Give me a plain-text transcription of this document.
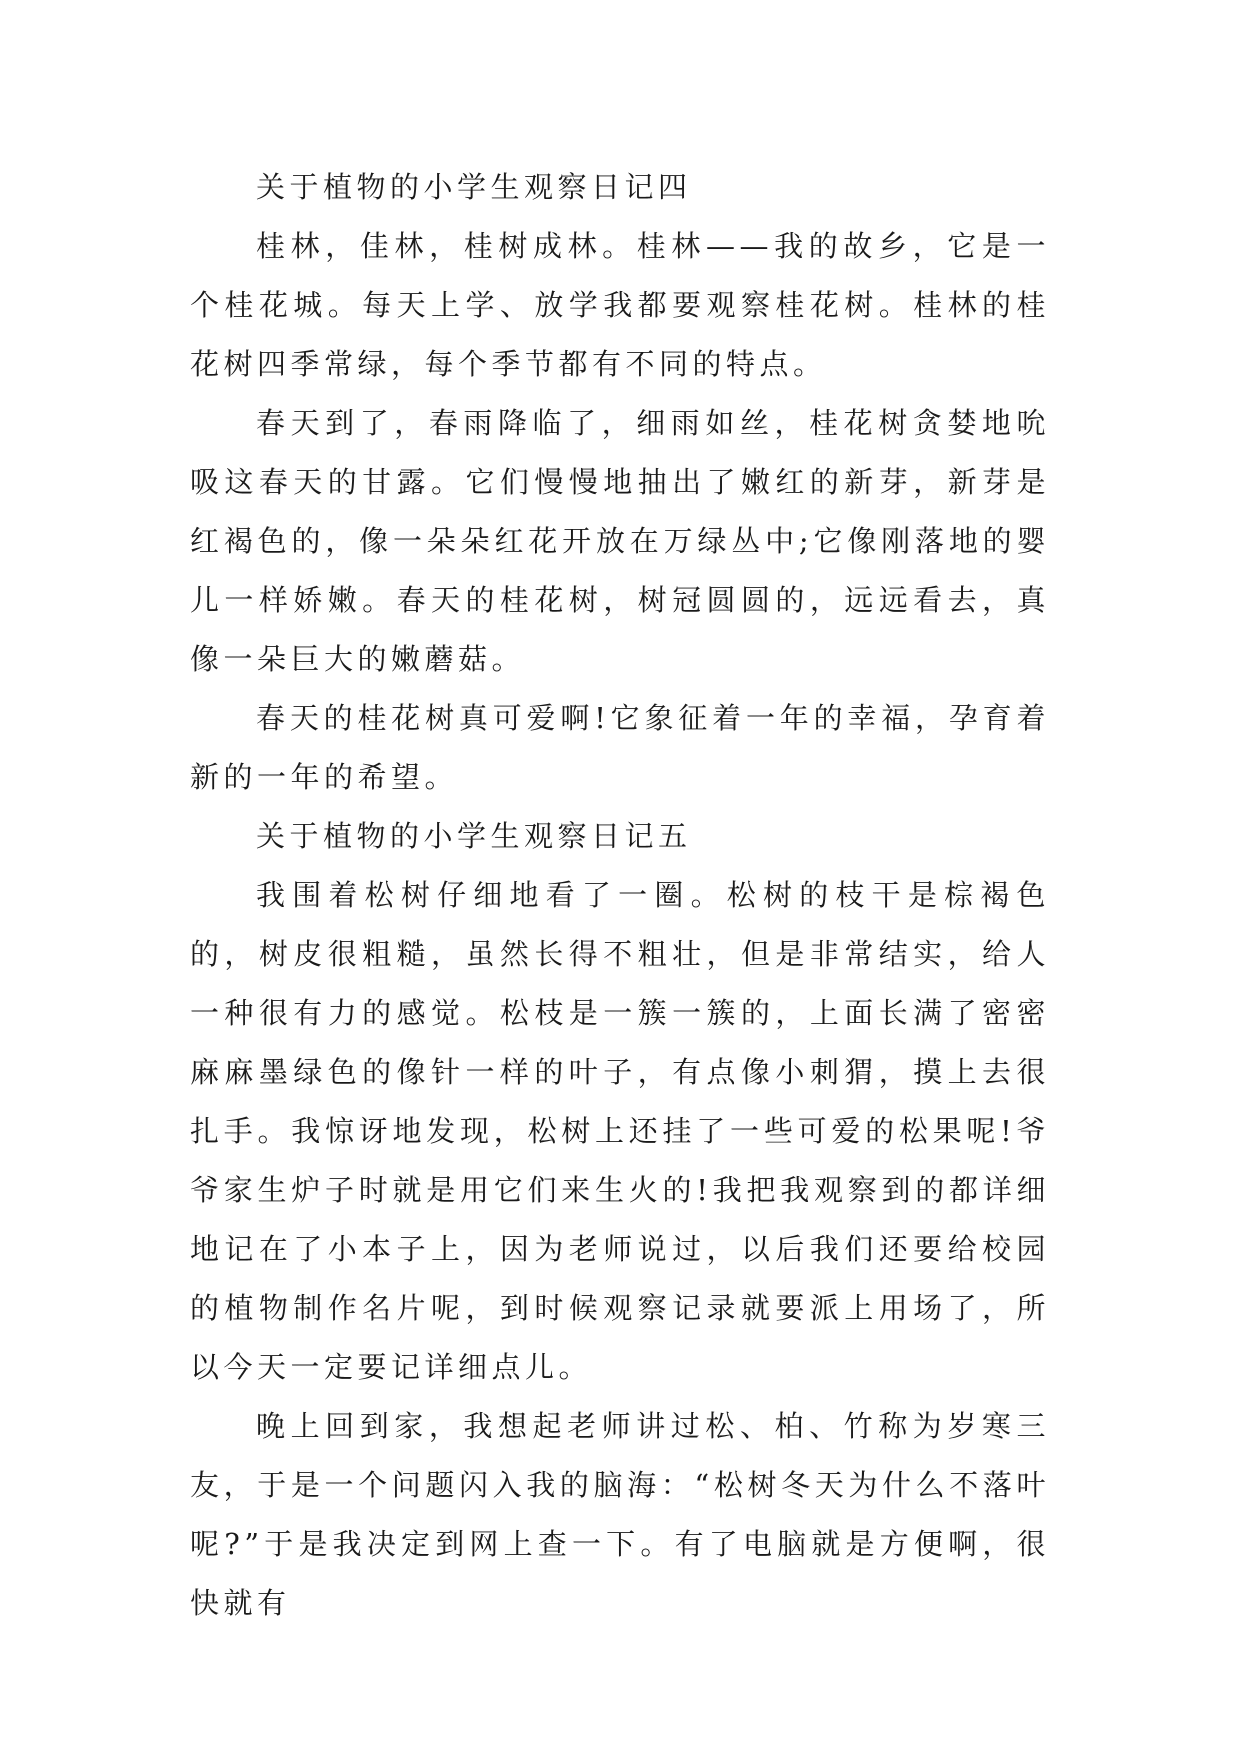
关于植物的小学生观察日记四

桂林，佳林，桂树成林。桂林——我的故乡，它是一个桂花城。每天上学、放学我都要观察桂花树。桂林的桂花树四季常绿，每个季节都有不同的特点。

春天到了，春雨降临了，细雨如丝，桂花树贪婪地吮吸这春天的甘露。它们慢慢地抽出了嫩红的新芽，新芽是红褐色的，像一朵朵红花开放在万绿丛中;它像刚落地的婴儿一样娇嫩。春天的桂花树，树冠圆圆的，远远看去，真像一朵巨大的嫩蘑菇。

春天的桂花树真可爱啊!它象征着一年的幸福，孕育着新的一年的希望。

关于植物的小学生观察日记五

我围着松树仔细地看了一圈。松树的枝干是棕褐色的，树皮很粗糙，虽然长得不粗壮，但是非常结实，给人一种很有力的感觉。松枝是一簇一簇的，上面长满了密密麻麻墨绿色的像针一样的叶子，有点像小刺猬，摸上去很扎手。我惊讶地发现，松树上还挂了一些可爱的松果呢!爷爷家生炉子时就是用它们来生火的!我把我观察到的都详细地记在了小本子上，因为老师说过，以后我们还要给校园的植物制作名片呢，到时候观察记录就要派上用场了，所以今天一定要记详细点儿。

晚上回到家，我想起老师讲过松、柏、竹称为岁寒三友，于是一个问题闪入我的脑海：“松树冬天为什么不落叶呢?”于是我决定到网上查一下。有了电脑就是方便啊，很快就有
